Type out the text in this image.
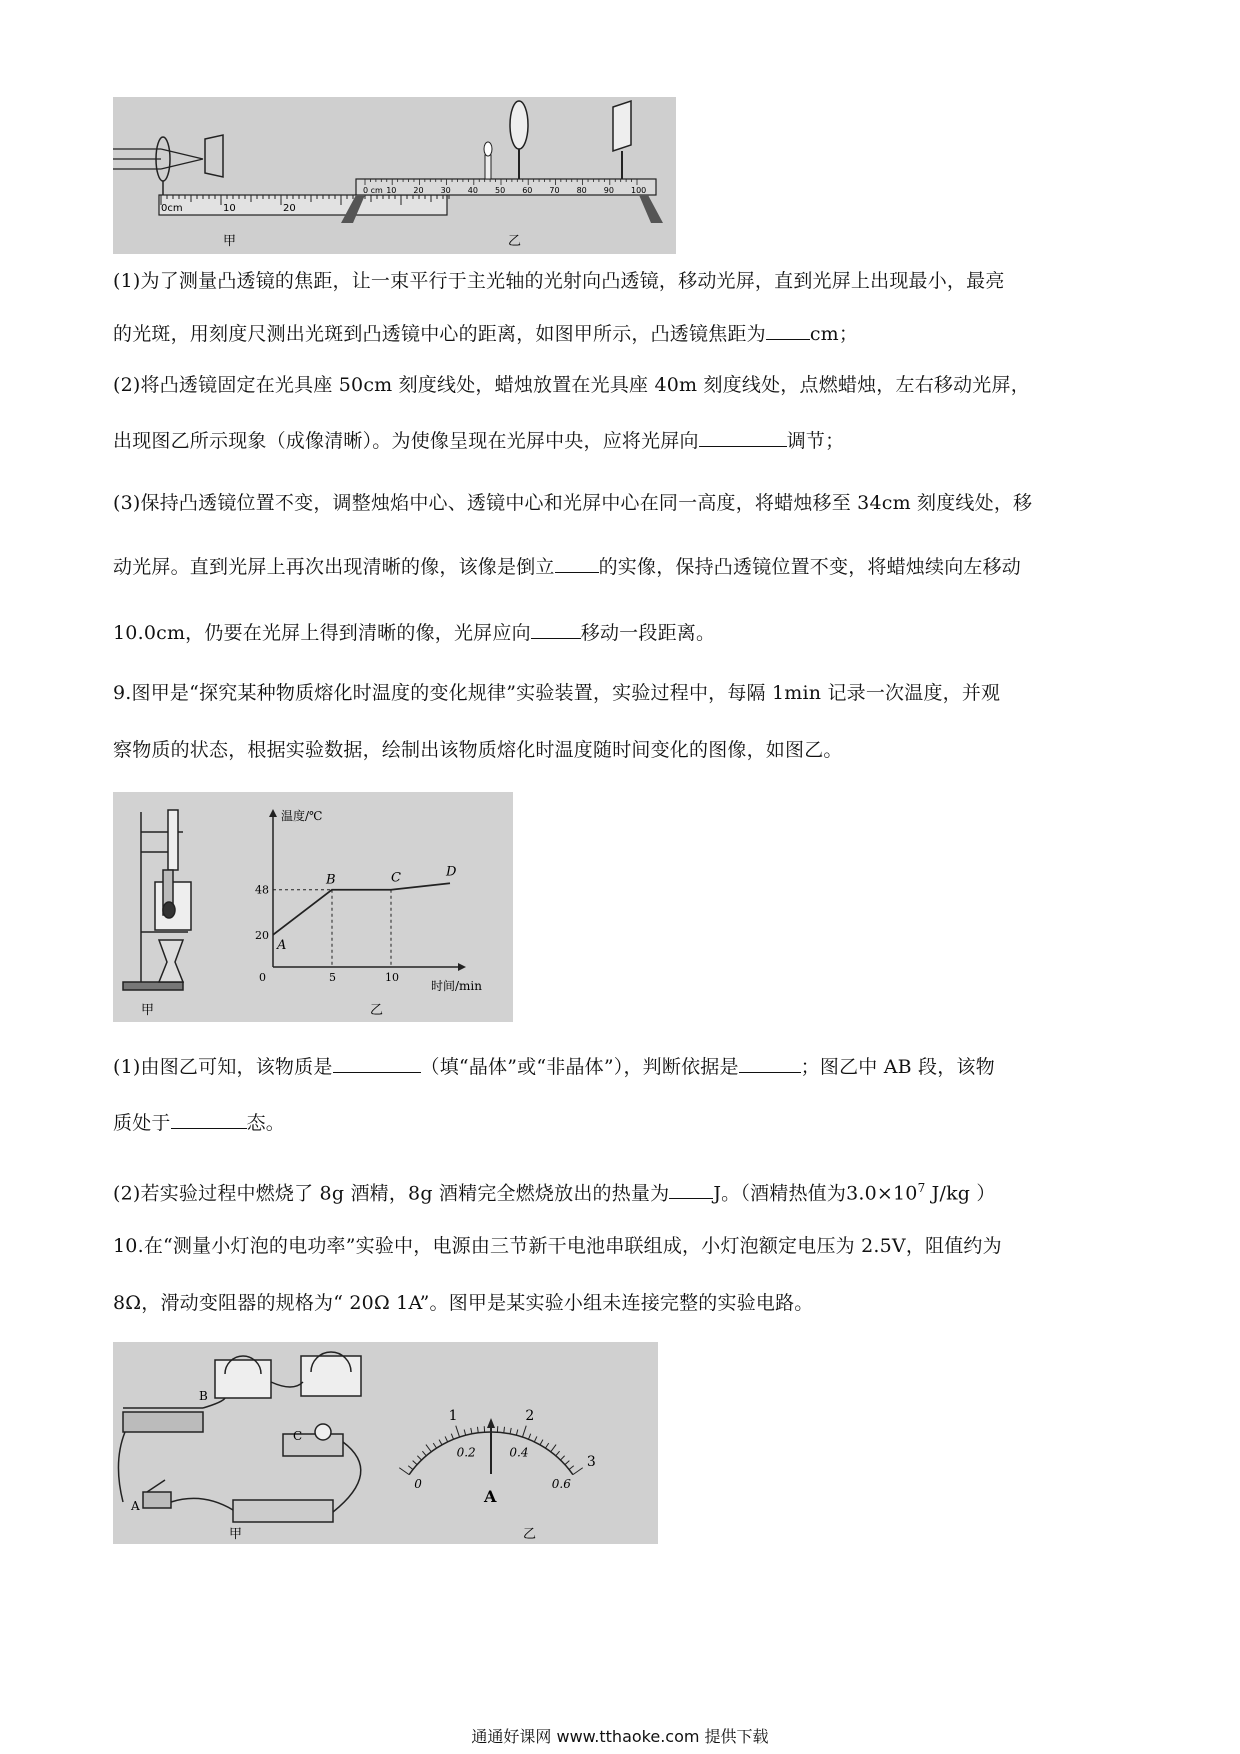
0cm	10	20
甲
0 cm 10 20 30 40 50 60 70 80 90 100
乙
(1)为了测量凸透镜的焦距，让一束平行于主光轴的光射向凸透镜，移动光屏，直到光屏上出现最小，最亮
的光斑，用刻度尺测出光斑到凸透镜中心的距离，如图甲所示，凸透镜焦距为 cm；
(2)将凸透镜固定在光具座 50cm 刻度线处，蜡烛放置在光具座 40m 刻度线处，点燃蜡烛，左右移动光屏，
出现图乙所示现象（成像清晰）。为使像呈现在光屏中央，应将光屏向	调节；
(3)保持凸透镜位置不变，调整烛焰中心、透镜中心和光屏中心在同一高度，将蜡烛移至 34cm 刻度线处，移
动光屏。直到光屏上再次出现清晰的像，该像是倒立 的实像，保持凸透镜位置不变，将蜡烛续向左移动
10.0cm，仍要在光屏上得到清晰的像，光屏应向	移动一段距离。
9.图甲是“探究某种物质熔化时温度的变化规律”实验装置，实验过程中，每隔 1min 记录一次温度，并观
察物质的状态，根据实验数据，绘制出该物质熔化时温度随时间变化的图像，如图乙。
甲
温度/℃
时间/min
0	5	10
20
48
A
B	C	D
乙
(1)由图乙可知，该物质是	（填“晶体”或“非晶体”），判断依据是	；图乙中 AB 段，该物
质处于	态。
(2)若实验过程中燃烧了 8g 酒精，8g 酒精完全燃烧放出的热量为 J。（酒精热值为$3.0\times 10^7$ J/kg ）
10.在“测量小灯泡的电功率”实验中，电源由三节新干电池串联组成，小灯泡额定电压为 2.5V，阻值约为
8Ω，滑动变阻器的规格为“ 20Ω 1A”。图甲是某实验小组未连接完整的实验电路。
B
A
C
甲
1	2
3
0
0.2	0.4
0.6
A
乙
通通好课网 www.tthaoke.com 提供下载
